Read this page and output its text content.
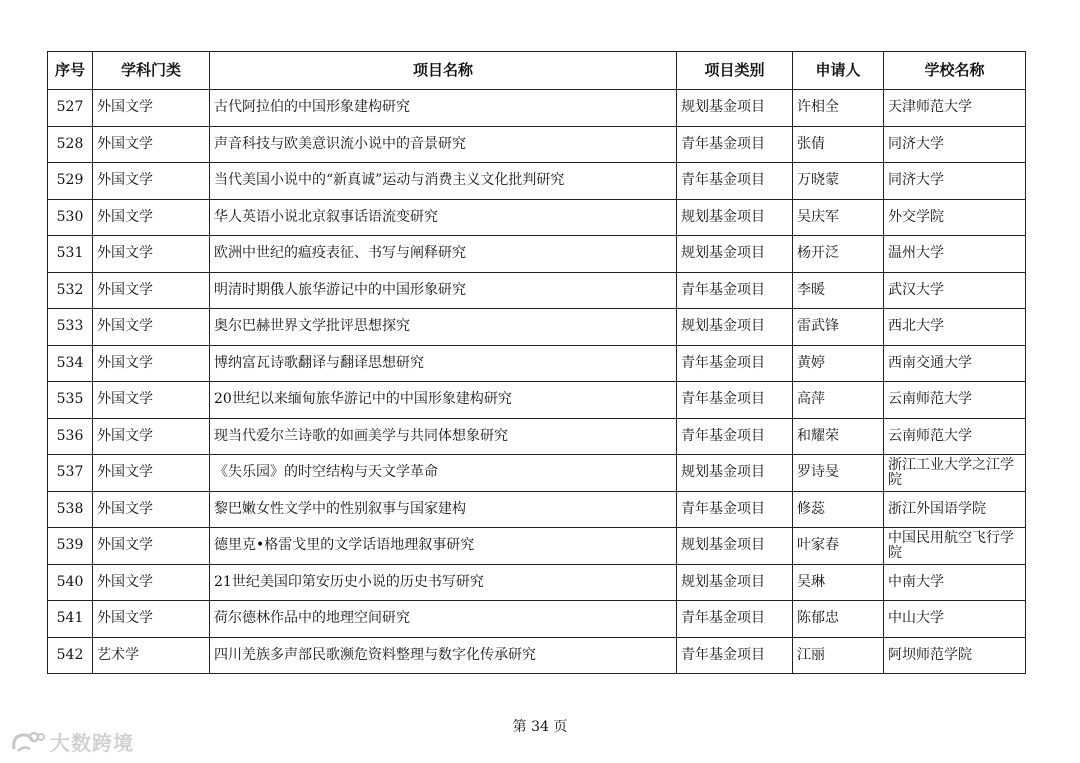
序号	学科门类	项目名称	项目类别	申请人	学校名称
527	外国文学	古代阿拉伯的中国形象建构研究	规划基金项目	许相全	天津师范大学
528	外国文学	声音科技与欧美意识流小说中的音景研究	青年基金项目	张倩	同济大学
529	外国文学	当代美国小说中的“新真诚”运动与消费主义文化批判研究	青年基金项目	万晓蒙	同济大学
530	外国文学	华人英语小说北京叙事话语流变研究	规划基金项目	吴庆军	外交学院
531	外国文学	欧洲中世纪的瘟疫表征、书写与阐释研究	规划基金项目	杨开泛	温州大学
532	外国文学	明清时期俄人旅华游记中的中国形象研究	青年基金项目	李暖	武汉大学
533	外国文学	奥尔巴赫世界文学批评思想探究	规划基金项目	雷武锋	西北大学
534	外国文学	博纳富瓦诗歌翻译与翻译思想研究	青年基金项目	黄婷	西南交通大学
535	外国文学	20世纪以来缅甸旅华游记中的中国形象建构研究	青年基金项目	高萍	云南师范大学
536	外国文学	现当代爱尔兰诗歌的如画美学与共同体想象研究	青年基金项目	和耀荣	云南师范大学
537	外国文学	《失乐园》的时空结构与天文学革命	规划基金项目	罗诗旻	浙江工业大学之江学院
538	外国文学	黎巴嫩女性文学中的性别叙事与国家建构	青年基金项目	修蕊	浙江外国语学院
539	外国文学	德里克•格雷戈里的文学话语地理叙事研究	规划基金项目	叶家春	中国民用航空飞行学院
540	外国文学	21世纪美国印第安历史小说的历史书写研究	规划基金项目	吴琳	中南大学
541	外国文学	荷尔德林作品中的地理空间研究	青年基金项目	陈郁忠	中山大学
542	艺术学	四川羌族多声部民歌濒危资料整理与数字化传承研究	青年基金项目	江丽	阿坝师范学院
第 34 页
大数跨境
